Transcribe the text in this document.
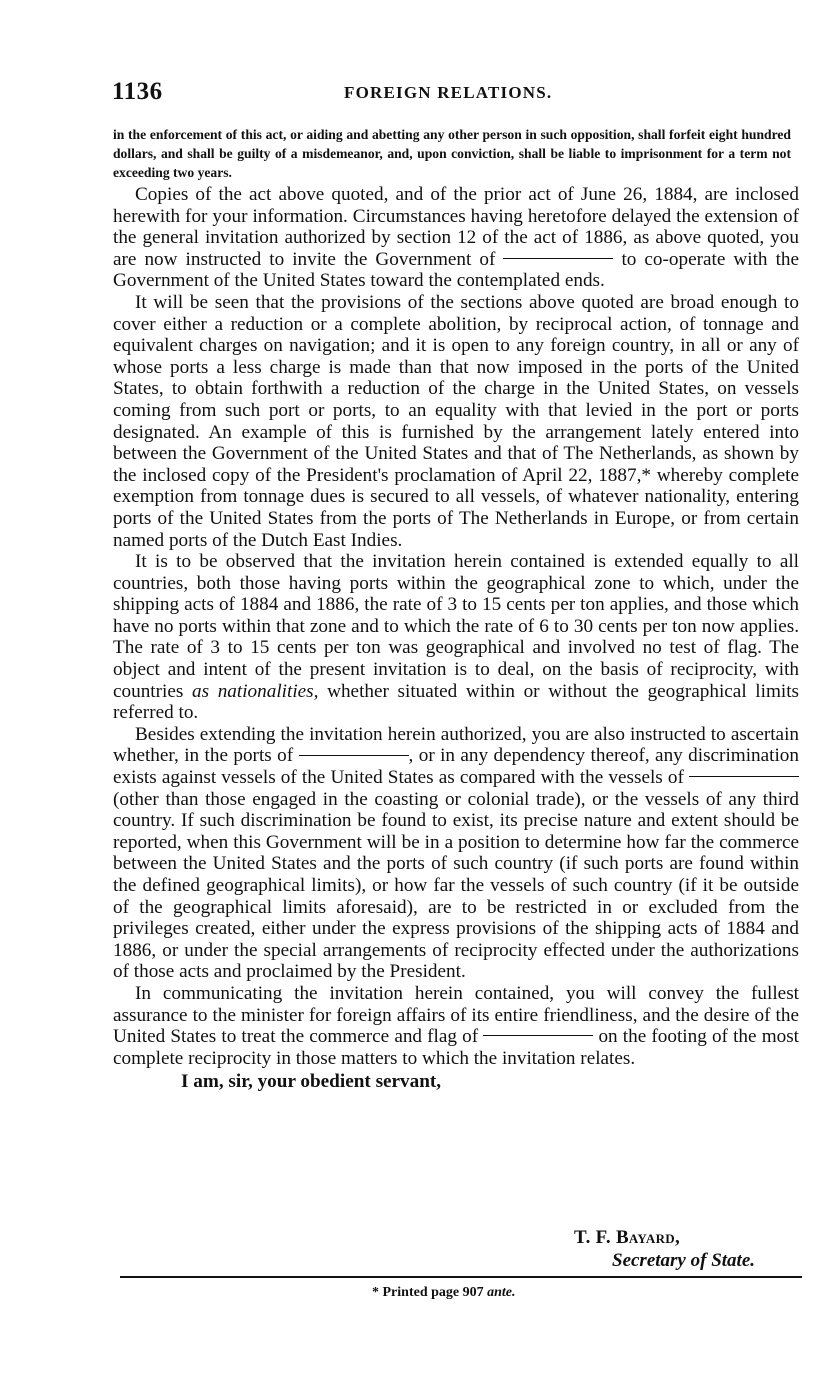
1136	FOREIGN RELATIONS.
in the enforcement of this act, or aiding and abetting any other person in such opposition, shall forfeit eight hundred dollars, and shall be guilty of a misdemeanor, and, upon conviction, shall be liable to imprisonment for a term not exceeding two years.

Copies of the act above quoted, and of the prior act of June 26, 1884, are inclosed herewith for your information. Circumstances having heretofore delayed the extension of the general invitation authorized by section 12 of the act of 1886, as above quoted, you are now instructed to invite the Government of	to co-operate with the Government of the United States toward the contemplated ends.

It will be seen that the provisions of the sections above quoted are broad enough to cover either a reduction or a complete abolition, by reciprocal action, of tonnage and equivalent charges on navigation; and it is open to any foreign country, in all or any of whose ports a less charge is made than that now imposed in the ports of the United States, to obtain forthwith a reduction of the charge in the United States, on vessels coming from such port or ports, to an equality with that levied in the port or ports designated. An example of this is furnished by the arrangement lately entered into between the Government of the United States and that of The Netherlands, as shown by the inclosed copy of the President's proclamation of April 22, 1887,* whereby complete exemption from tonnage dues is secured to all vessels, of whatever nationality, entering ports of the United States from the ports of The Netherlands in Europe, or from certain named ports of the Dutch East Indies.

It is to be observed that the invitation herein contained is extended equally to all countries, both those having ports within the geographical zone to which, under the shipping acts of 1884 and 1886, the rate of 3 to 15 cents per ton applies, and those which have no ports within that zone and to which the rate of 6 to 30 cents per ton now applies. The rate of 3 to 15 cents per ton was geographical and involved no test of flag. The object and intent of the present invitation is to deal, on the basis of reciprocity, with countries as nationalities, whether situated within or without the geographical limits referred to.

Besides extending the invitation herein authorized, you are also instructed to ascertain whether, in the ports of	, or in any dependency thereof, any discrimination exists against vessels of the United States as compared with the vessels of  (other than those engaged in the coasting or colonial trade), or the vessels of any third country. If such discrimination be found to exist, its precise nature and extent should be reported, when this Government will be in a position to determine how far the commerce between the United States and the ports of such country (if such ports are found within the defined geographical limits), or how far the vessels of such country (if it be outside of the geographical limits aforesaid), are to be restricted in or excluded from the privileges created, either under the express provisions of the shipping acts of 1884 and 1886, or under the special arrangements of reciprocity effected under the authorizations of those acts and proclaimed by the President.

In communicating the invitation herein contained, you will convey the fullest assurance to the minister for foreign affairs of its entire friendliness, and the desire of the United States to treat the commerce and flag of	on the footing of the most complete reciprocity in those matters to which the invitation relates.

I am, sir, your obedient servant,
T. F. Bayard,
Secretary of State.
* Printed page 907 ante.
